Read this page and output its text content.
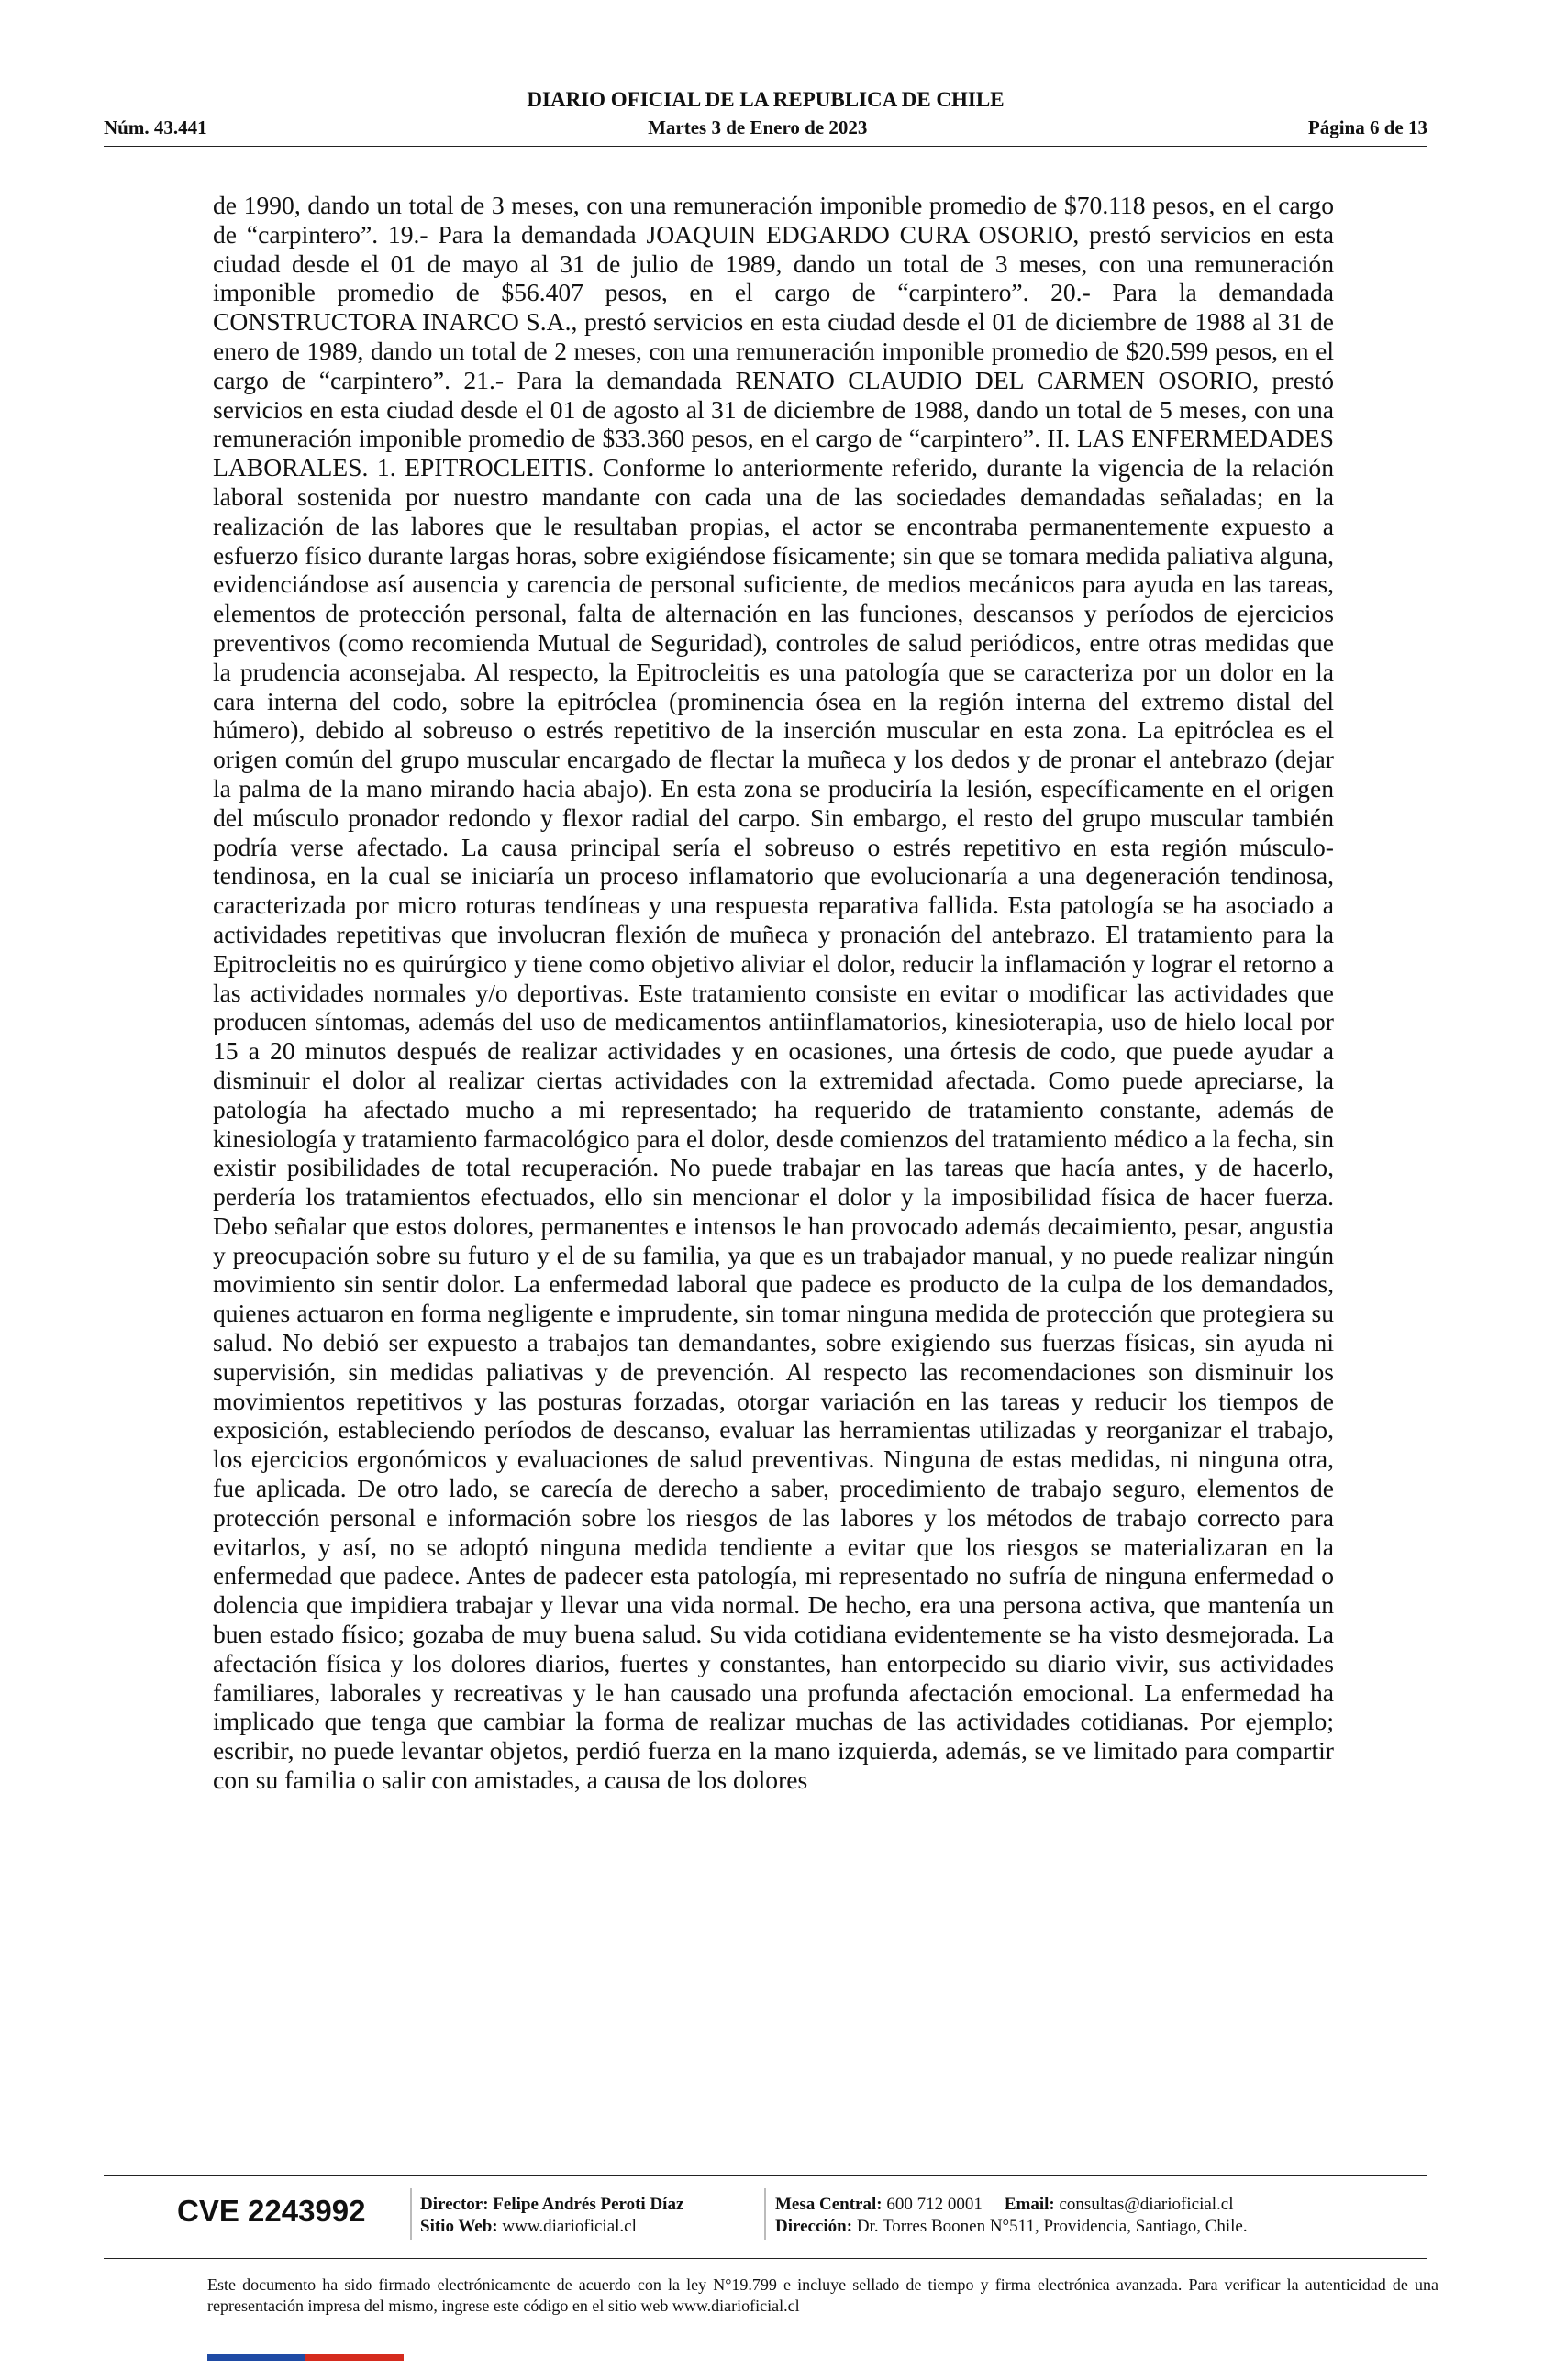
DIARIO OFICIAL DE LA REPUBLICA DE CHILE
Núm. 43.441	Martes 3 de Enero de 2023	Página 6 de 13
de 1990, dando un total de 3 meses, con una remuneración imponible promedio de $70.118 pesos, en el cargo de “carpintero”. 19.- Para la demandada JOAQUIN EDGARDO CURA OSORIO, prestó servicios en esta ciudad desde el 01 de mayo al 31 de julio de 1989, dando un total de 3 meses, con una remuneración imponible promedio de $56.407 pesos, en el cargo de “carpintero”. 20.- Para la demandada CONSTRUCTORA INARCO S.A., prestó servicios en esta ciudad desde el 01 de diciembre de 1988 al 31 de enero de 1989, dando un total de 2 meses, con una remuneración imponible promedio de $20.599 pesos, en el cargo de “carpintero”. 21.- Para la demandada RENATO CLAUDIO DEL CARMEN OSORIO, prestó servicios en esta ciudad desde el 01 de agosto al 31 de diciembre de 1988, dando un total de 5 meses, con una remuneración imponible promedio de $33.360 pesos, en el cargo de “carpintero”. II. LAS ENFERMEDADES LABORALES. 1. EPITROCLEITIS. Conforme lo anteriormente referido, durante la vigencia de la relación laboral sostenida por nuestro mandante con cada una de las sociedades demandadas señaladas; en la realización de las labores que le resultaban propias, el actor se encontraba permanentemente expuesto a esfuerzo físico durante largas horas, sobre exigiéndose físicamente; sin que se tomara medida paliativa alguna, evidenciándose así ausencia y carencia de personal suficiente, de medios mecánicos para ayuda en las tareas, elementos de protección personal, falta de alternación en las funciones, descansos y períodos de ejercicios preventivos (como recomienda Mutual de Seguridad), controles de salud periódicos, entre otras medidas que la prudencia aconsejaba. Al respecto, la Epitrocleitis es una patología que se caracteriza por un dolor en la cara interna del codo, sobre la epitróclea (prominencia ósea en la región interna del extremo distal del húmero), debido al sobreuso o estrés repetitivo de la inserción muscular en esta zona. La epitróclea es el origen común del grupo muscular encargado de flectar la muñeca y los dedos y de pronar el antebrazo (dejar la palma de la mano mirando hacia abajo). En esta zona se produciría la lesión, específicamente en el origen del músculo pronador redondo y flexor radial del carpo. Sin embargo, el resto del grupo muscular también podría verse afectado. La causa principal sería el sobreuso o estrés repetitivo en esta región músculo-tendinosa, en la cual se iniciaría un proceso inflamatorio que evolucionaría a una degeneración tendinosa, caracterizada por micro roturas tendíneas y una respuesta reparativa fallida. Esta patología se ha asociado a actividades repetitivas que involucran flexión de muñeca y pronación del antebrazo. El tratamiento para la Epitrocleitis no es quirúrgico y tiene como objetivo aliviar el dolor, reducir la inflamación y lograr el retorno a las actividades normales y/o deportivas. Este tratamiento consiste en evitar o modificar las actividades que producen síntomas, además del uso de medicamentos antiinflamatorios, kinesioterapia, uso de hielo local por 15 a 20 minutos después de realizar actividades y en ocasiones, una órtesis de codo, que puede ayudar a disminuir el dolor al realizar ciertas actividades con la extremidad afectada. Como puede apreciarse, la patología ha afectado mucho a mi representado; ha requerido de tratamiento constante, además de kinesiología y tratamiento farmacológico para el dolor, desde comienzos del tratamiento médico a la fecha, sin existir posibilidades de total recuperación. No puede trabajar en las tareas que hacía antes, y de hacerlo, perdería los tratamientos efectuados, ello sin mencionar el dolor y la imposibilidad física de hacer fuerza. Debo señalar que estos dolores, permanentes e intensos le han provocado además decaimiento, pesar, angustia y preocupación sobre su futuro y el de su familia, ya que es un trabajador manual, y no puede realizar ningún movimiento sin sentir dolor. La enfermedad laboral que padece es producto de la culpa de los demandados, quienes actuaron en forma negligente e imprudente, sin tomar ninguna medida de protección que protegiera su salud. No debió ser expuesto a trabajos tan demandantes, sobre exigiendo sus fuerzas físicas, sin ayuda ni supervisión, sin medidas paliativas y de prevención. Al respecto las recomendaciones son disminuir los movimientos repetitivos y las posturas forzadas, otorgar variación en las tareas y reducir los tiempos de exposición, estableciendo períodos de descanso, evaluar las herramientas utilizadas y reorganizar el trabajo, los ejercicios ergonómicos y evaluaciones de salud preventivas. Ninguna de estas medidas, ni ninguna otra, fue aplicada. De otro lado, se carecía de derecho a saber, procedimiento de trabajo seguro, elementos de protección personal e información sobre los riesgos de las labores y los métodos de trabajo correcto para evitarlos, y así, no se adoptó ninguna medida tendiente a evitar que los riesgos se materializaran en la enfermedad que padece. Antes de padecer esta patología, mi representado no sufría de ninguna enfermedad o dolencia que impidiera trabajar y llevar una vida normal. De hecho, era una persona activa, que mantenía un buen estado físico; gozaba de muy buena salud. Su vida cotidiana evidentemente se ha visto desmejorada. La afectación física y los dolores diarios, fuertes y constantes, han entorpecido su diario vivir, sus actividades familiares, laborales y recreativas y le han causado una profunda afectación emocional. La enfermedad ha implicado que tenga que cambiar la forma de realizar muchas de las actividades cotidianas. Por ejemplo; escribir, no puede levantar objetos, perdió fuerza en la mano izquierda, además, se ve limitado para compartir con su familia o salir con amistades, a causa de los dolores
CVE 2243992	Director: Felipe Andrés Peroti Díaz
Sitio Web: www.diarioficial.cl
Mesa Central: 600 712 0001 Email: consultas@diarioficial.cl
Dirección: Dr. Torres Boonen N°511, Providencia, Santiago, Chile.
Este documento ha sido firmado electrónicamente de acuerdo con la ley N°19.799 e incluye sellado de tiempo y firma electrónica avanzada. Para verificar la autenticidad de una representación impresa del mismo, ingrese este código en el sitio web www.diarioficial.cl
